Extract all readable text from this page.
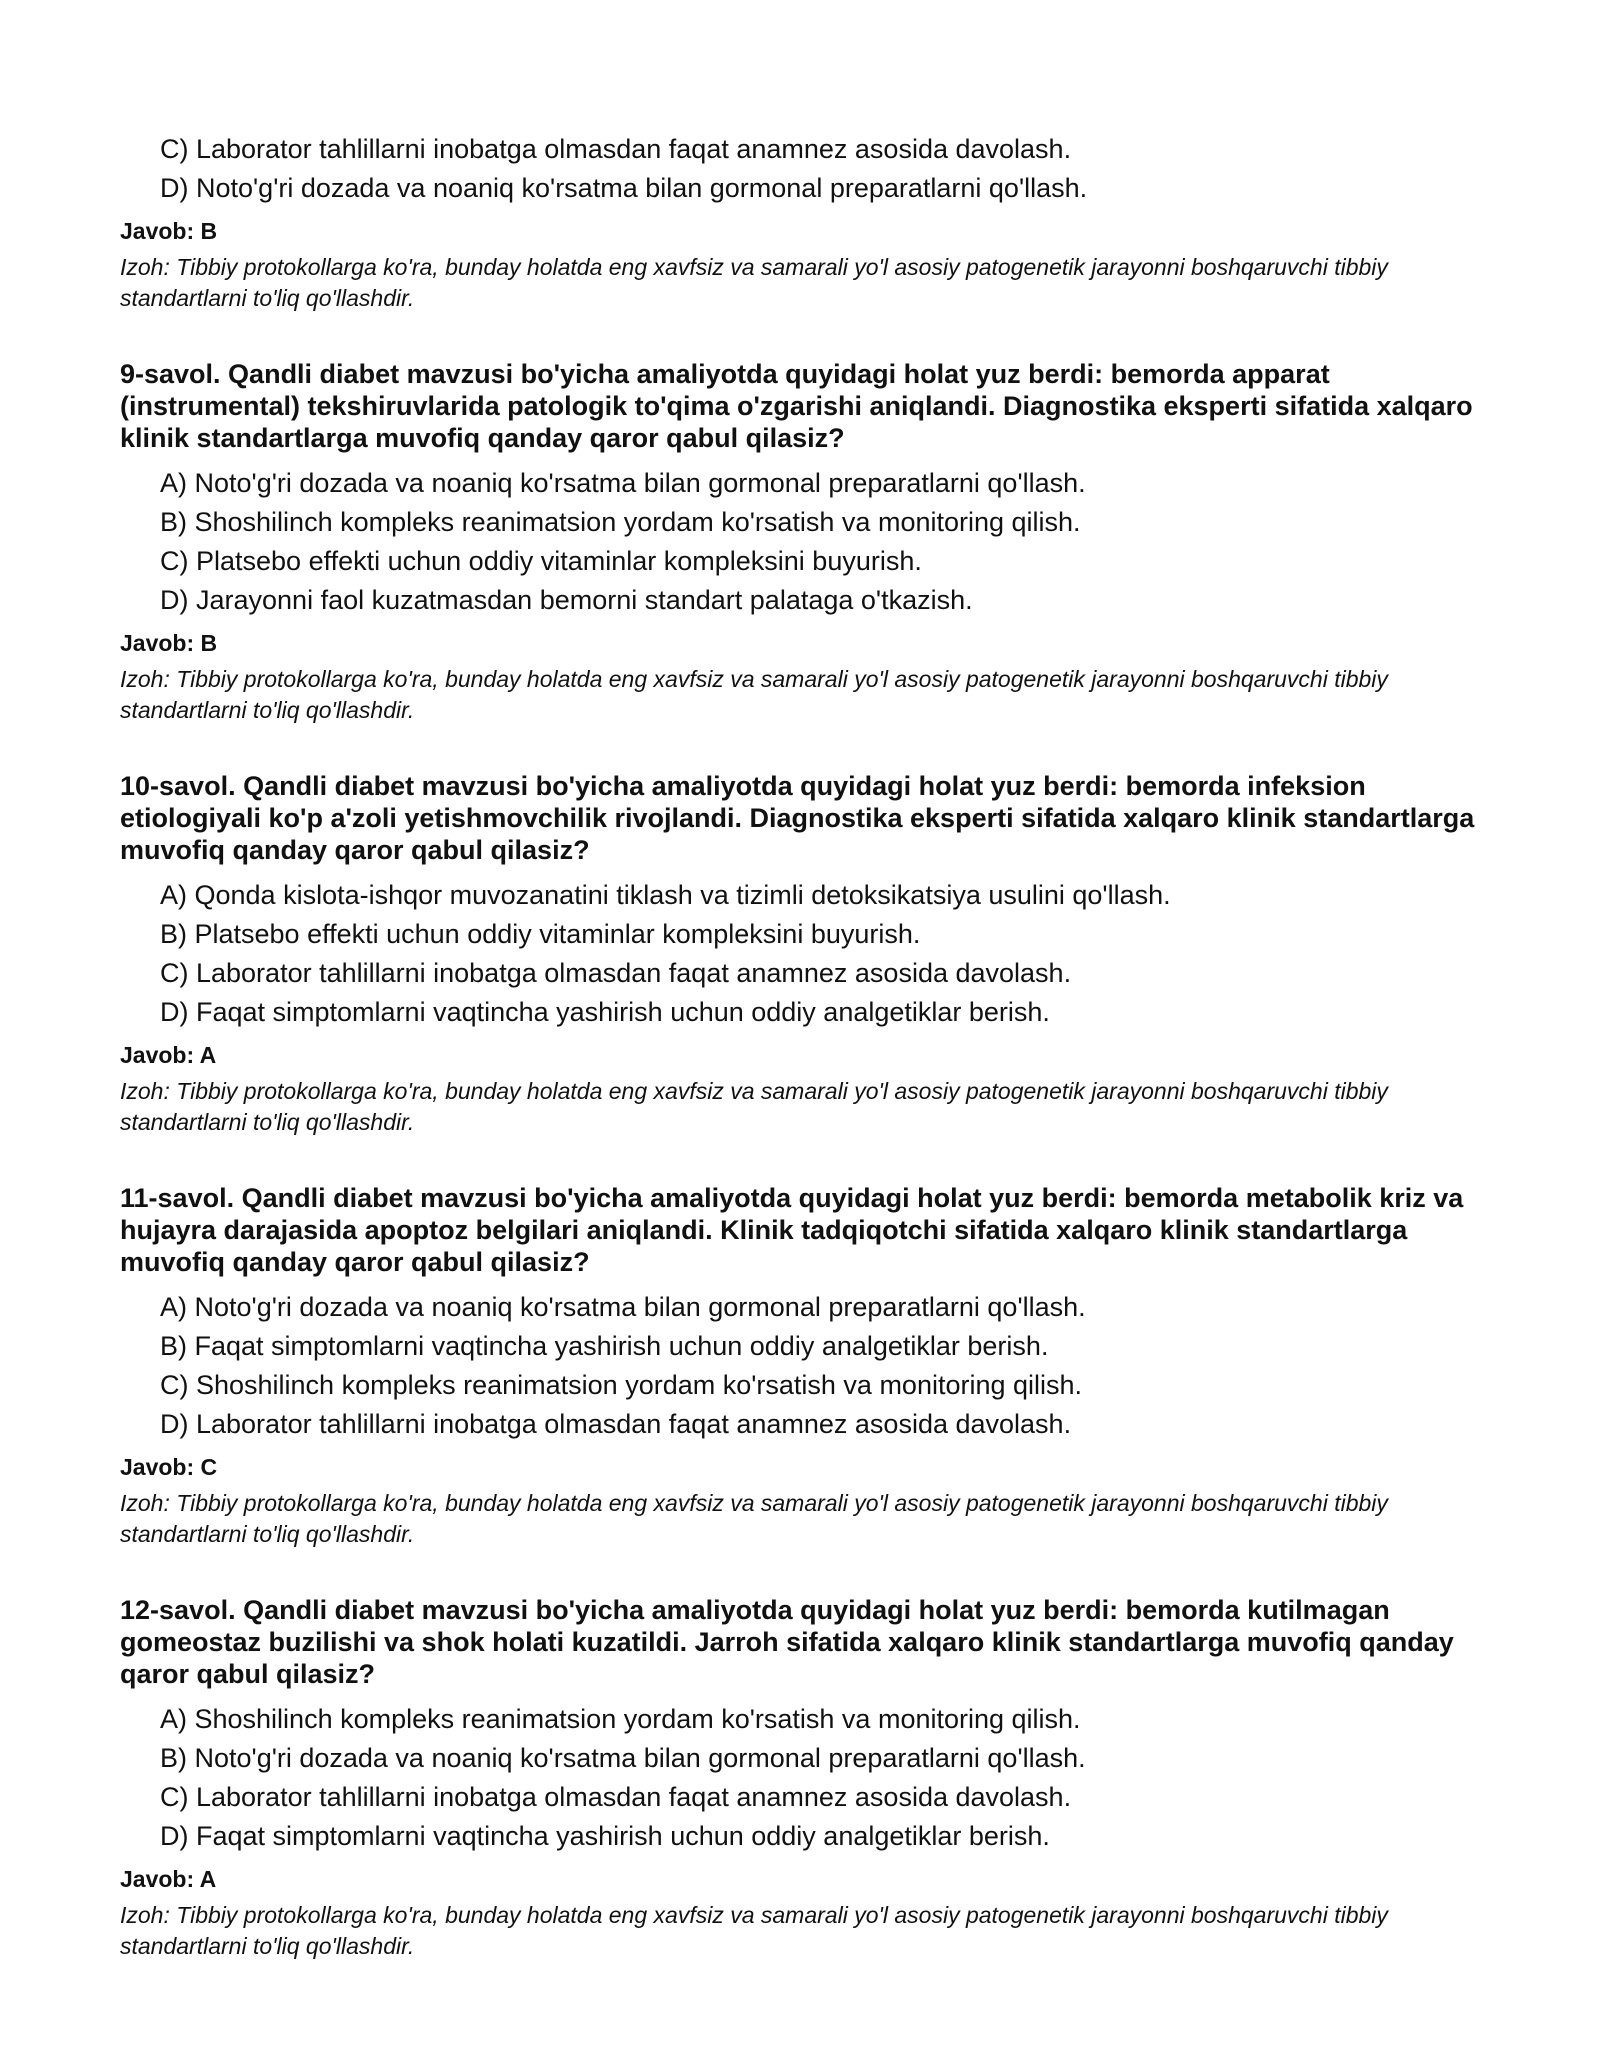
C) Laborator tahlillarni inobatga olmasdan faqat anamnez asosida davolash.
D) Noto'g'ri dozada va noaniq ko'rsatma bilan gormonal preparatlarni qo'llash.
Javob: B
Izoh: Tibbiy protokollarga ko'ra, bunday holatda eng xavfsiz va samarali yo'l asosiy patogenetik jarayonni boshqaruvchi tibbiy standartlarni to'liq qo'llashdir.

9-savol. Qandli diabet mavzusi bo'yicha amaliyotda quyidagi holat yuz berdi: bemorda apparat (instrumental) tekshiruvlarida patologik to'qima o'zgarishi aniqlandi. Diagnostika eksperti sifatida xalqaro klinik standartlarga muvofiq qanday qaror qabul qilasiz?

A) Noto'g'ri dozada va noaniq ko'rsatma bilan gormonal preparatlarni qo'llash.
B) Shoshilinch kompleks reanimatsion yordam ko'rsatish va monitoring qilish.
C) Platsebo effekti uchun oddiy vitaminlar kompleksini buyurish.
D) Jarayonni faol kuzatmasdan bemorni standart palataga o'tkazish.
Javob: B
Izoh: Tibbiy protokollarga ko'ra, bunday holatda eng xavfsiz va samarali yo'l asosiy patogenetik jarayonni boshqaruvchi tibbiy standartlarni to'liq qo'llashdir.

10-savol. Qandli diabet mavzusi bo'yicha amaliyotda quyidagi holat yuz berdi: bemorda infeksion etiologiyali ko'p a'zoli yetishmovchilik rivojlandi. Diagnostika eksperti sifatida xalqaro klinik standartlarga muvofiq qanday qaror qabul qilasiz?

A) Qonda kislota-ishqor muvozanatini tiklash va tizimli detoksikatsiya usulini qo'llash.
B) Platsebo effekti uchun oddiy vitaminlar kompleksini buyurish.
C) Laborator tahlillarni inobatga olmasdan faqat anamnez asosida davolash.
D) Faqat simptomlarni vaqtincha yashirish uchun oddiy analgetiklar berish.
Javob: A
Izoh: Tibbiy protokollarga ko'ra, bunday holatda eng xavfsiz va samarali yo'l asosiy patogenetik jarayonni boshqaruvchi tibbiy standartlarni to'liq qo'llashdir.

11-savol. Qandli diabet mavzusi bo'yicha amaliyotda quyidagi holat yuz berdi: bemorda metabolik kriz va hujayra darajasida apoptoz belgilari aniqlandi. Klinik tadqiqotchi sifatida xalqaro klinik standartlarga muvofiq qanday qaror qabul qilasiz?

A) Noto'g'ri dozada va noaniq ko'rsatma bilan gormonal preparatlarni qo'llash.
B) Faqat simptomlarni vaqtincha yashirish uchun oddiy analgetiklar berish.
C) Shoshilinch kompleks reanimatsion yordam ko'rsatish va monitoring qilish.
D) Laborator tahlillarni inobatga olmasdan faqat anamnez asosida davolash.
Javob: C
Izoh: Tibbiy protokollarga ko'ra, bunday holatda eng xavfsiz va samarali yo'l asosiy patogenetik jarayonni boshqaruvchi tibbiy standartlarni to'liq qo'llashdir.

12-savol. Qandli diabet mavzusi bo'yicha amaliyotda quyidagi holat yuz berdi: bemorda kutilmagan gomeostaz buzilishi va shok holati kuzatildi. Jarroh sifatida xalqaro klinik standartlarga muvofiq qanday qaror qabul qilasiz?

A) Shoshilinch kompleks reanimatsion yordam ko'rsatish va monitoring qilish.
B) Noto'g'ri dozada va noaniq ko'rsatma bilan gormonal preparatlarni qo'llash.
C) Laborator tahlillarni inobatga olmasdan faqat anamnez asosida davolash.
D) Faqat simptomlarni vaqtincha yashirish uchun oddiy analgetiklar berish.
Javob: A
Izoh: Tibbiy protokollarga ko'ra, bunday holatda eng xavfsiz va samarali yo'l asosiy patogenetik jarayonni boshqaruvchi tibbiy standartlarni to'liq qo'llashdir.
